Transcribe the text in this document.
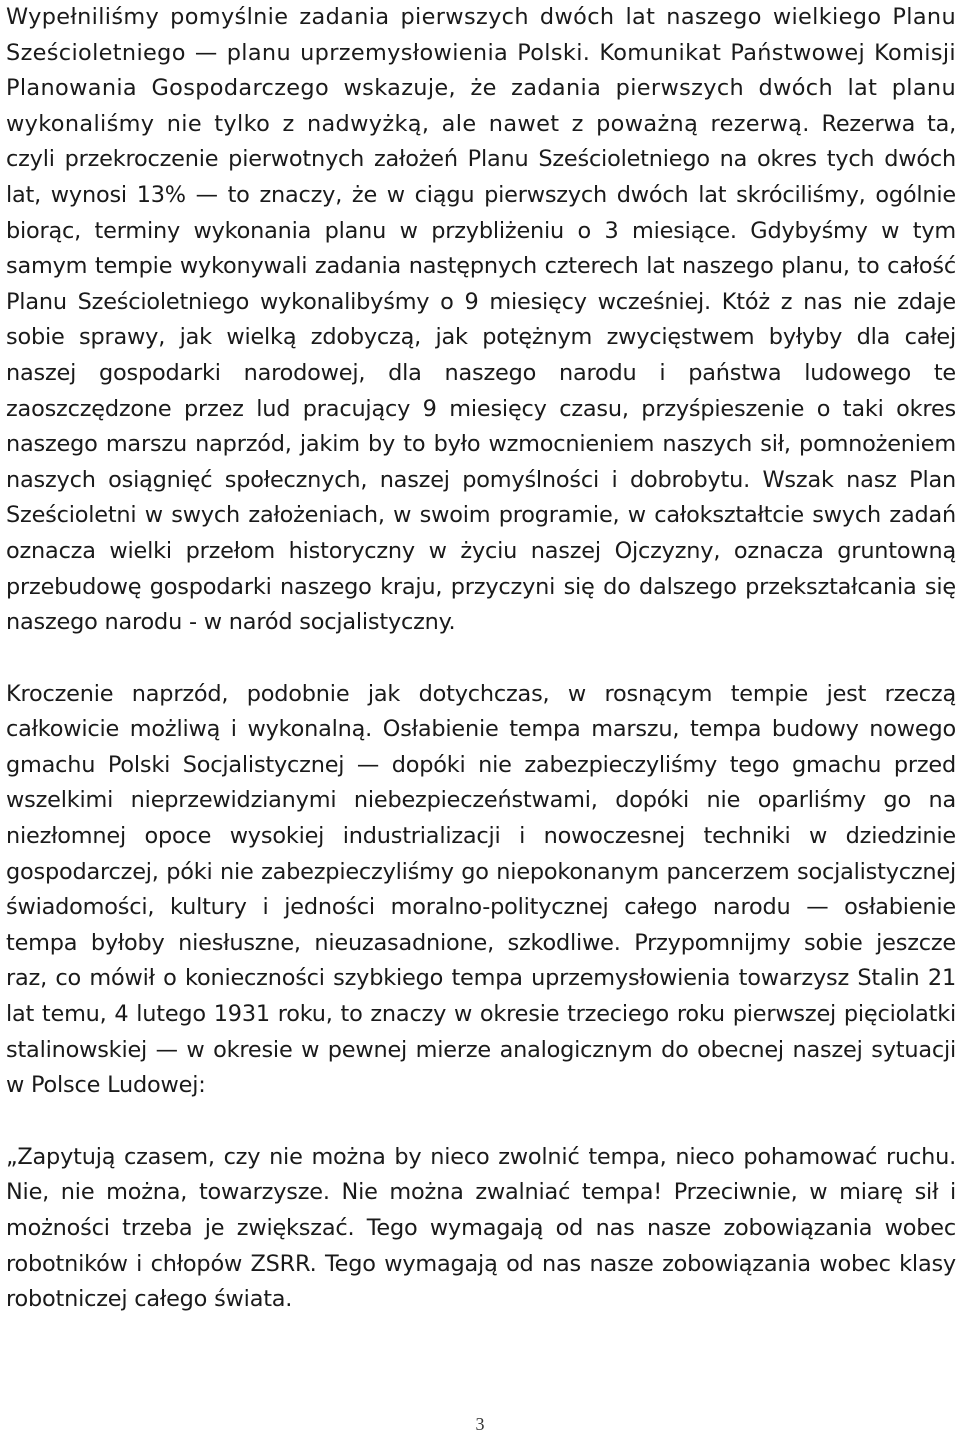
Wypełniliśmy pomyślnie zadania pierwszych dwóch lat naszego wielkiego Planu Sześcioletniego — planu uprzemysłowienia Polski. Komunikat Państwowej Komisji Planowania Gospodarczego wskazuje, że zadania pierwszych dwóch lat planu wykonaliśmy nie tylko z nadwyżką, ale nawet z poważną rezerwą. Rezerwa ta, czyli przekroczenie pierwotnych założeń Planu Sześcioletniego na okres tych dwóch lat, wynosi 13% — to znaczy, że w ciągu pierwszych dwóch lat skróciliśmy, ogólnie biorąc, terminy wykonania planu w przybliżeniu o 3 miesiące. Gdybyśmy w tym samym tempie wykonywali zadania następnych czterech lat naszego planu, to całość Planu Sześcioletniego wykonalibyśmy o 9 miesięcy wcześniej. Któż z nas nie zdaje sobie sprawy, jak wielką zdobyczą, jak potężnym zwycięstwem byłyby dla całej naszej gospodarki narodowej, dla naszego narodu i państwa ludowego te zaoszczędzone przez lud pracujący 9 miesięcy czasu, przyśpieszenie o taki okres naszego marszu naprzód, jakim by to było wzmocnieniem naszych sił, pomnożeniem naszych osiągnięć społecznych, naszej pomyślności i dobrobytu. Wszak nasz Plan Sześcioletni w swych założeniach, w swoim programie, w całokształtcie swych zadań oznacza wielki przełom historyczny w życiu naszej Ojczyzny, oznacza gruntowną przebudowę gospodarki naszego kraju, przyczyni się do dalszego przekształcania się naszego narodu - w naród socjalistyczny.

Kroczenie naprzód, podobnie jak dotychczas, w rosnącym tempie jest rzeczą całkowicie możliwą i wykonalną. Osłabienie tempa marszu, tempa budowy nowego gmachu Polski Socjalistycznej — dopóki nie zabezpieczyliśmy tego gmachu przed wszelkimi nieprzewidzianymi niebezpieczeństwami, dopóki nie oparliśmy go na niezłomnej opoce wysokiej industrializacji i nowoczesnej techniki w dziedzinie gospodarczej, póki nie zabezpieczyliśmy go niepokonanym pancerzem socjalistycznej świadomości, kultury i jedności moralno-politycznej całego narodu — osłabienie tempa byłoby niesłuszne, nieuzasadnione, szkodliwe. Przypomnijmy sobie jeszcze raz, co mówił o konieczności szybkiego tempa uprzemysłowienia towarzysz Stalin 21 lat temu, 4 lutego 1931 roku, to znaczy w okresie trzeciego roku pierwszej pięciolatki stalinowskiej — w okresie w pewnej mierze analogicznym do obecnej naszej sytuacji w Polsce Ludowej:

„Zapytują czasem, czy nie można by nieco zwolnić tempa, nieco pohamować ruchu. Nie, nie można, towarzysze. Nie można zwalniać tempa! Przeciwnie, w miarę sił i możności trzeba je zwiększać. Tego wymagają od nas nasze zobowiązania wobec robotników i chłopów ZSRR. Tego wymagają od nas nasze zobowiązania wobec klasy robotniczej całego świata.

3
